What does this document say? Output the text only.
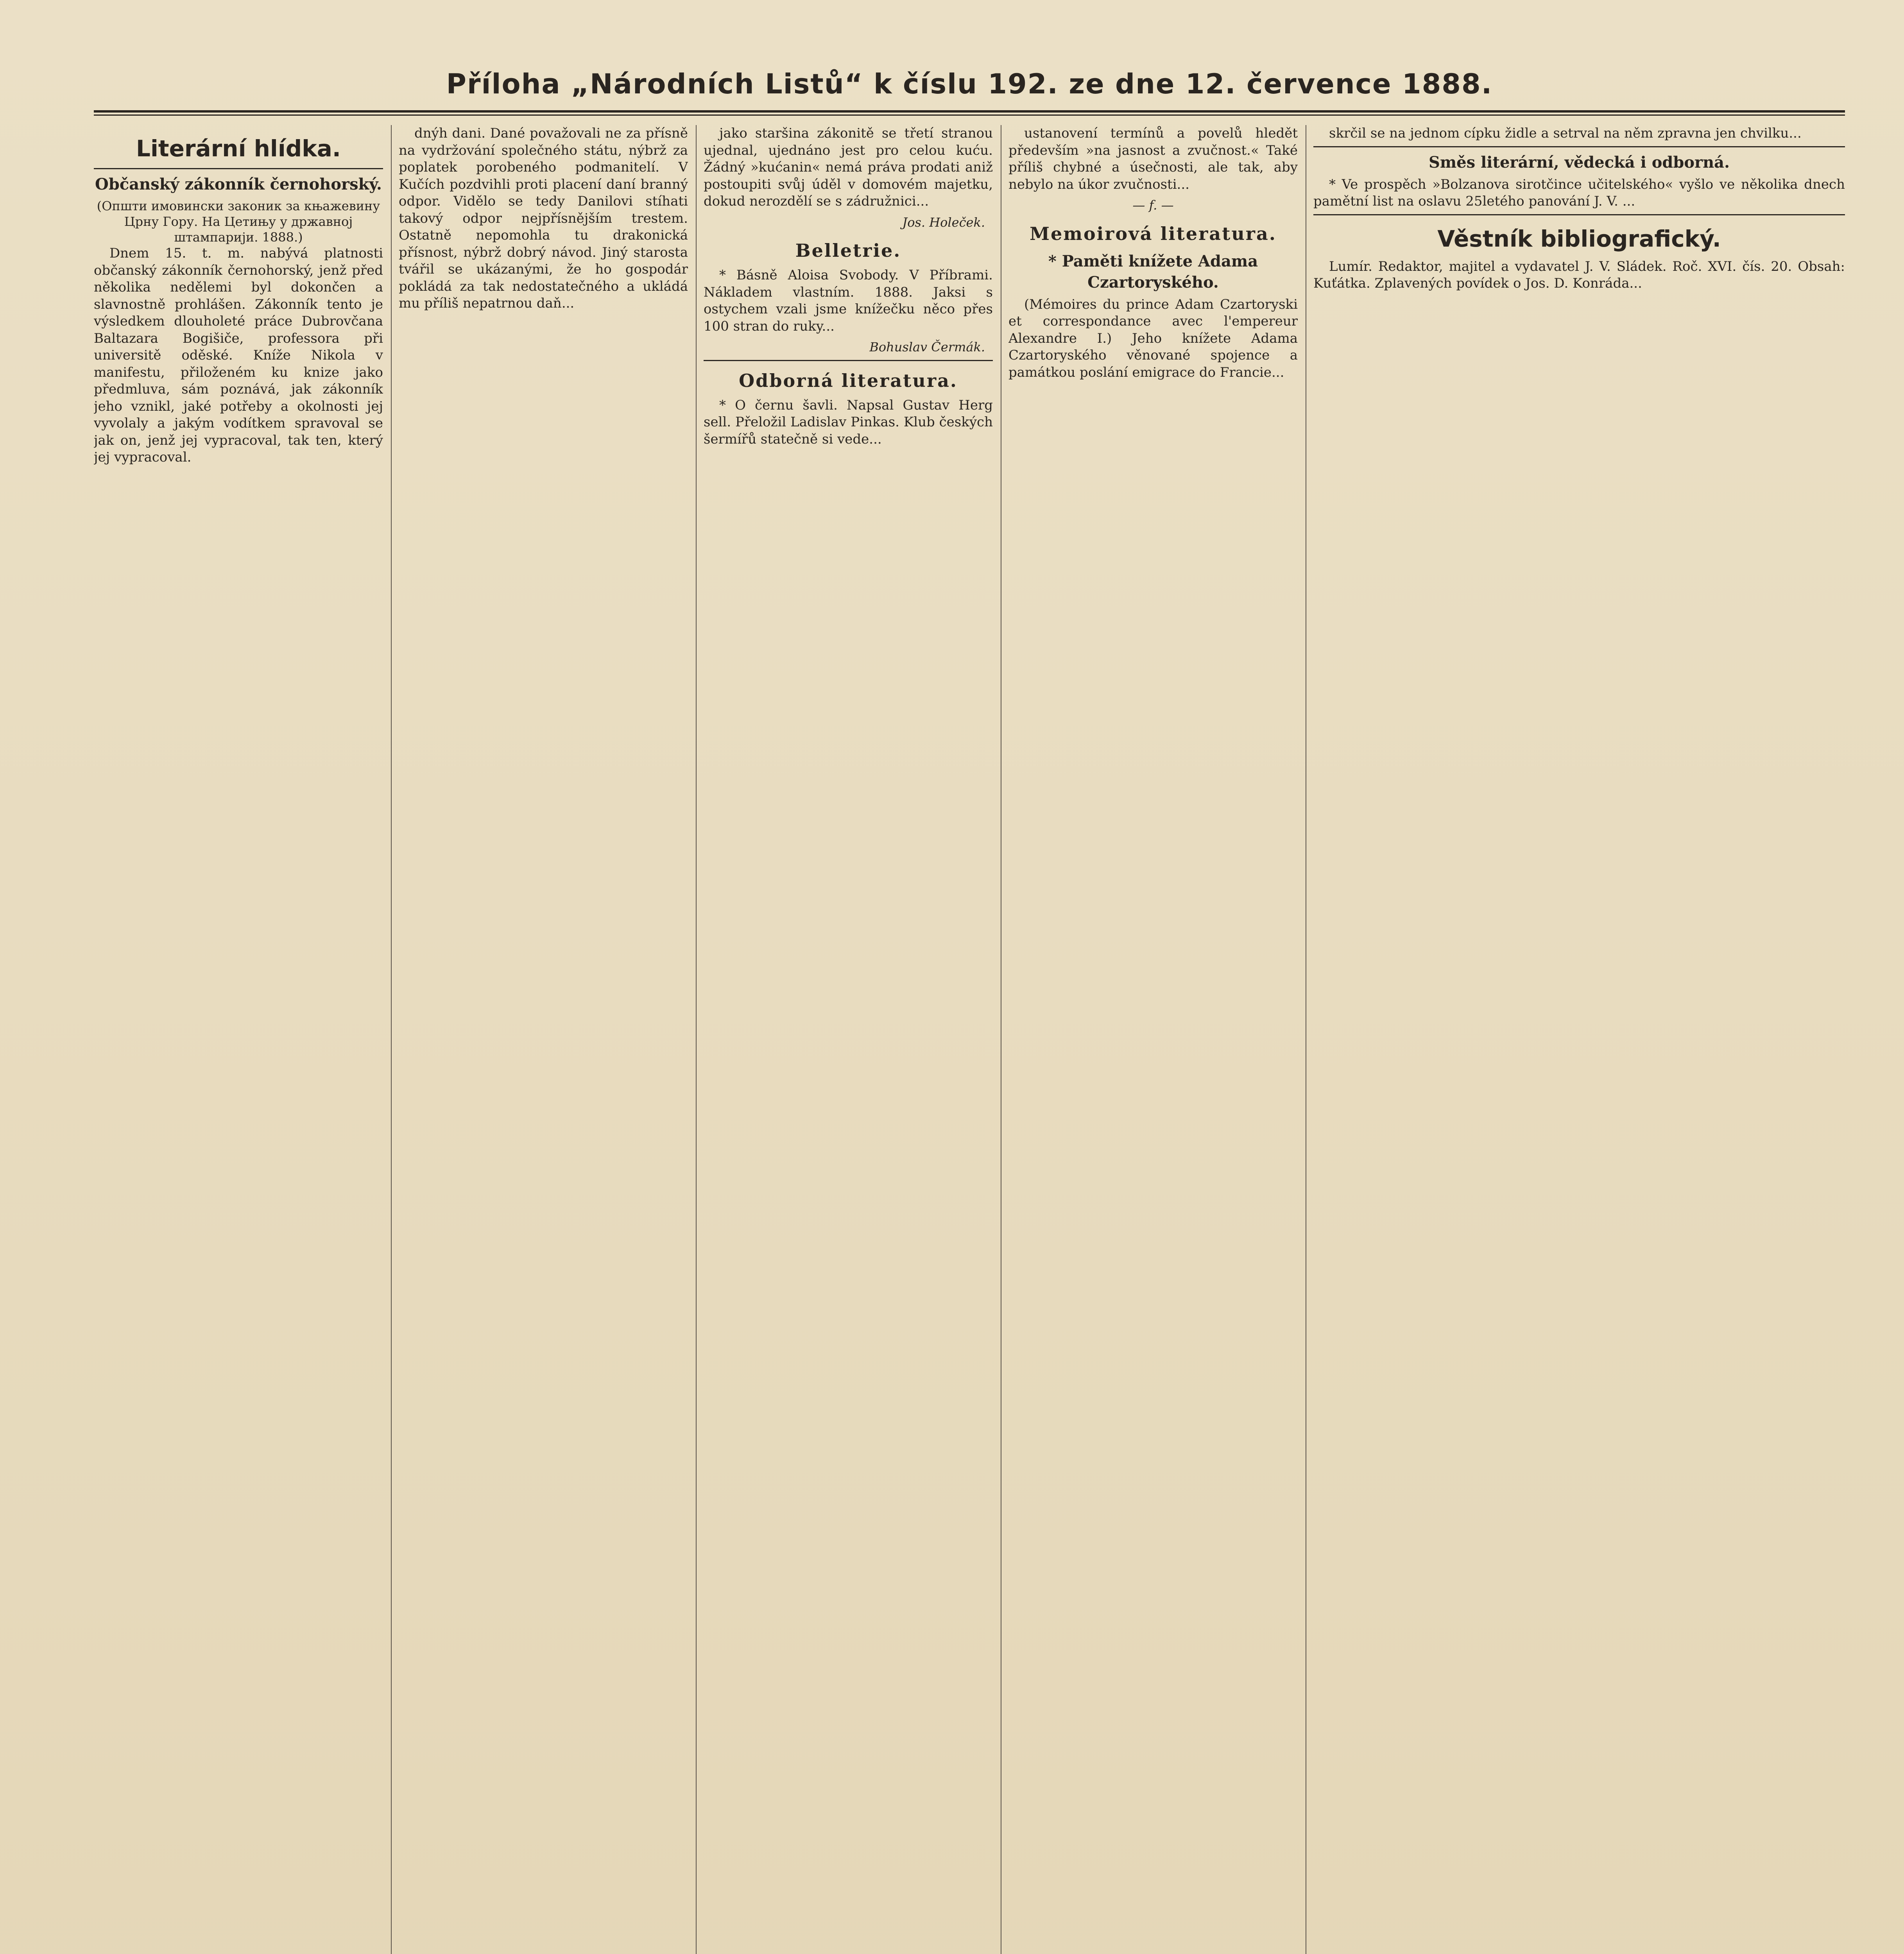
Příloha „Národních Listů“ k číslu 192. ze dne 12. července 1888.
Literární hlídka.
Občanský zákonník černohorský.

(Општи имовински законик за књажевину Црну Гору. На Цетињу у државној штампарији. 1888.)

Dnem 15. t. m. nabývá platnosti občanský zákonník černohorský, jenž před několika nedělemi byl dokončen a slavnostně prohlášen. Zákonník tento je výsledkem dlouholeté práce Dubrovčana Baltazara Bogišiče, professora při universitě oděské. Kníže Nikola v manifestu, přiloženém ku knize jako předmluva, sám poznává, jak zákonník jeho vznikl, jaké potřeby a okolnosti jej vyvolaly a jakým vodítkem spravoval se jak on, jenž jej vypracoval, tak ten, který jej vypracoval.

dnýh dani. Dané považovali ne za přísně na vydržování společného státu, nýbrž za poplatek porobeného podmanitelí. V Kučích pozdvihli proti placení daní branný odpor. Vidělo se tedy Danilovi stíhati takový odpor nejpřísnějším trestem. Ostatně nepomohla tu drakonická přísnost, nýbrž dobrý návod. Jiný starosta tvářil se ukázanými, že ho gospodár pokládá za tak nedostatečného a ukládá mu příliš nepatrnou daň...

jako staršina zákonitě se třetí stranou ujednal, ujednáno jest pro celou kuću. Žádný »kućanin« nemá práva prodati aniž postoupiti svůj úděl v domovém majetku, dokud nerozdělí se s zádružnici...

Jos. Holeček.
Belletrie.

* Básně Aloisa Svobody. V Příbrami. Nákladem vlastním. 1888. Jaksi s ostychem vzali jsme knížečku něco přes 100 stran do ruky...

Bohuslav Čermák.
Odborná literatura.

* O černu šavli. Napsal Gustav Herg sell. Přeložil Ladislav Pinkas. Klub českých šermířů statečně si vede...

ustanovení termínů a povelů hledět především »na jasnost a zvučnost.« Také příliš chybné a úsečnosti, ale tak, aby nebylo na úkor zvučnosti...

— f. —
Memoirová literatura.
* Paměti knížete Adama Czartoryského.

(Mémoires du prince Adam Czartoryski et correspondance avec l'empereur Alexandre I.) Jeho knížete Adama Czartoryského věnované spojence a památkou poslání emigrace do Francie...

skrčil se na jednom cípku židle a setrval na něm zpravna jen chvilku...

Směs literární, vědecká i odborná.

* Ve prospěch »Bolzanova sirotčince učitelského« vyšlo ve několika dnech pamětní list na oslavu 25letého panování J. V. ...

Věstník bibliografický.

Lumír. Redaktor, majitel a vydavatel J. V. Sládek. Roč. XVI. čís. 20. Obsah: Kuťátka. Zplavených povídek o Jos. D. Konráda...
